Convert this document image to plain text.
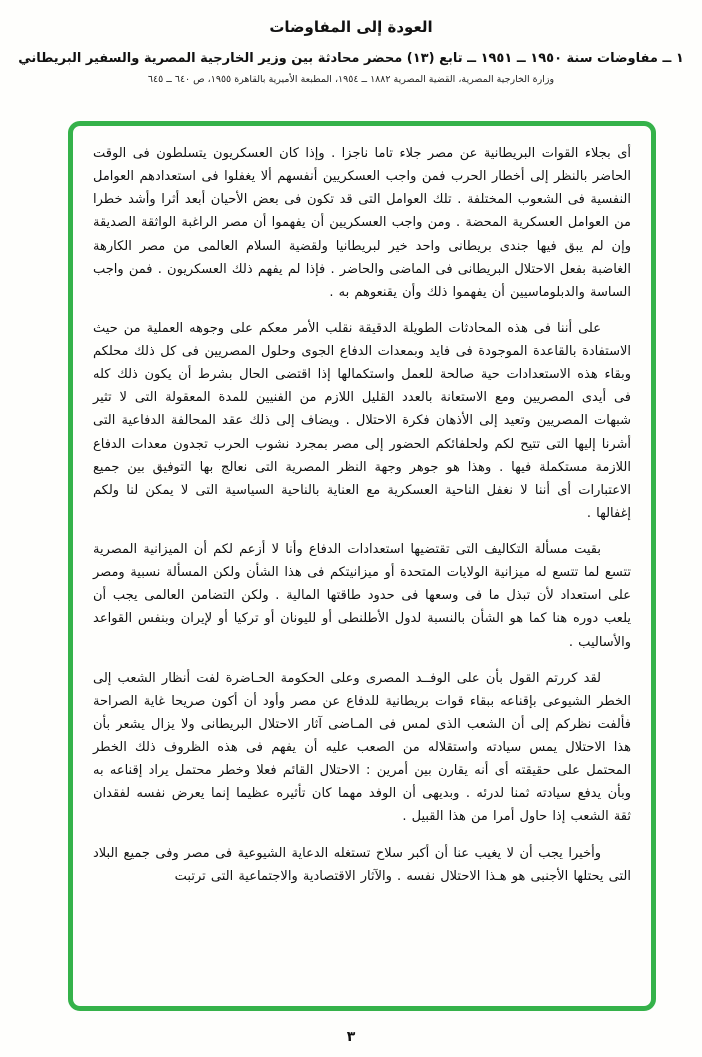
العودة إلى المفاوضات
١ ــ مفاوضات سنة ١٩٥٠ ــ ١٩٥١ ــ تابع (١٣) محضر محادثة بين وزير الخارجية المصرية والسفير البريطاني
وزارة الخارجية المصرية، القضية المصرية ١٨٨٢ ــ ١٩٥٤، المطبعة الأميرية بالقاهرة ١٩٥٥، ص ٦٤٠ ــ ٦٤٥

أى بجلاء القوات البريطانية عن مصر جلاء تاما ناجزا . وإذا كان العسكريون يتسلطون فى الوقت الحاضر بالنظر إلى أخطار الحرب فمن واجب العسكريين أنفسهم ألا يغفلوا فى استعدادهم العوامل النفسية فى الشعوب المختلفة . تلك العوامل التى قد تكون فى بعض الأحيان أبعد أثرا وأشد خطرا من العوامل العسكرية المحضة . ومن واجب العسكريين أن يفهموا أن مصر الراغبة الواثقة الصديقة وإن لم يبق فيها جندى بريطانى واحد خير لبريطانيا ولقضية السلام العالمى من مصر الكارهة الغاضبة بفعل الاحتلال البريطانى فى الماضى والحاضر . فإذا لم يفهم ذلك العسكريون . فمن واجب الساسة والدبلوماسيين أن يفهموا ذلك وأن يقنعوهم به .

على أننا فى هذه المحادثات الطويلة الدقيقة نقلب الأمر معكم على وجوهه العملية من حيث الاستفادة بالقاعدة الموجودة فى فايد وبمعدات الدفاع الجوى وحلول المصريين فى كل ذلك محلكم وبقاء هذه الاستعدادات حية صالحة للعمل واستكمالها إذا اقتضى الحال بشرط أن يكون ذلك كله فى أيدى المصريين ومع الاستعانة بالعدد القليل اللازم من الفنيين للمدة المعقولة التى لا تثير شبهات المصريين وتعيد إلى الأذهان فكرة الاحتلال . ويضاف إلى ذلك عقد المحالفة الدفاعية التى أشرنا إليها التى تتيح لكم ولحلفائكم الحضور إلى مصر بمجرد نشوب الحرب تجدون معدات الدفاع اللازمة مستكملة فيها . وهذا هو جوهر وجهة النظر المصرية التى نعالج بها التوفيق بين جميع الاعتبارات أى أننا لا نغفل الناحية العسكرية مع العناية بالناحية السياسية التى لا يمكن لنا ولكم إغفالها .

بقيت مسألة التكاليف التى تقتضيها استعدادات الدفاع وأنا لا أزعم لكم أن الميزانية المصرية تتسع لما تتسع له ميزانية الولايات المتحدة أو ميزانيتكم فى هذا الشأن ولكن المسألة نسبية ومصر على استعداد لأن تبذل ما فى وسعها فى حدود طاقتها المالية . ولكن التضامن العالمى يجب أن يلعب دوره هنا كما هو الشأن بالنسبة لدول الأطلنطى أو لليونان أو تركيا أو لإيران وبنفس القواعد والأساليب .

لقد كررتم القول بأن على الوفــد المصرى وعلى الحكومة الحـاضرة لفت أنظار الشعب إلى الخطر الشيوعى بإقناعه ببقاء قوات بريطانية للدفاع عن مصر وأود أن أكون صريحا غاية الصراحة فألفت نظركم إلى أن الشعب الذى لمس فى المـاضى آثار الاحتلال البريطانى ولا يزال يشعر بأن هذا الاحتلال يمس سيادته واستقلاله من الصعب عليه أن يفهم فى هذه الظروف ذلك الخطر المحتمل على حقيقته أى أنه يقارن بين أمرين : الاحتلال القائم فعلا وخطر محتمل يراد إقناعه به وبأن يدفع سيادته ثمنا لدرئه . وبديهى أن الوفد مهما كان تأثيره عظيما إنما يعرض نفسه لفقدان ثقة الشعب إذا حاول أمرا من هذا القبيل .

وأخيرا يجب أن لا يغيب عنا أن أكبر سلاح تستغله الدعاية الشيوعية فى مصر وفى جميع البلاد التى يحتلها الأجنبى هو هـذا الاحتلال نفسه . والآثار الاقتصادية والاجتماعية التى ترتبت

٣
